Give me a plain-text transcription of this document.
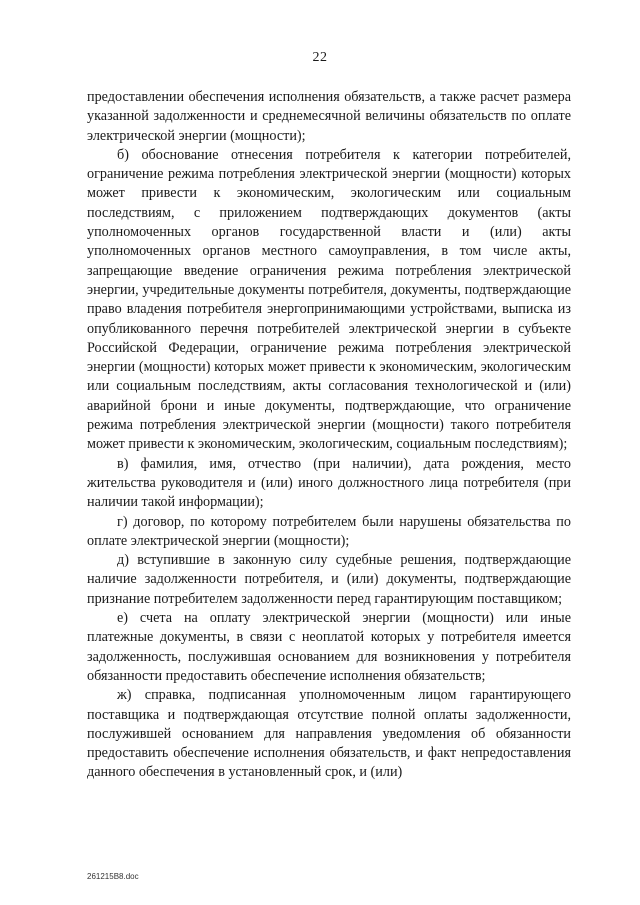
22

предоставлении обеспечения исполнения обязательств, а также расчет размера указанной задолженности и среднемесячной величины обязательств по оплате электрической энергии (мощности);

б) обоснование отнесения потребителя к категории потребителей, ограничение режима потребления электрической энергии (мощности) которых может привести к экономическим, экологическим или социальным последствиям, с приложением подтверждающих документов (акты уполномоченных органов государственной власти и (или) акты уполномоченных органов местного самоуправления, в том числе акты, запрещающие введение ограничения режима потребления электрической энергии, учредительные документы потребителя, документы, подтверждающие право владения потребителя энергопринимающими устройствами, выписка из опубликованного перечня потребителей электрической энергии в субъекте Российской Федерации, ограничение режима потребления электрической энергии (мощности) которых может привести к экономическим, экологическим или социальным последствиям, акты согласования технологической и (или) аварийной брони и иные документы, подтверждающие, что ограничение режима потребления электрической энергии (мощности) такого потребителя может привести к экономическим, экологическим, социальным последствиям);

в) фамилия, имя, отчество (при наличии), дата рождения, место жительства руководителя и (или) иного должностного лица потребителя (при наличии такой информации);

г) договор, по которому потребителем были нарушены обязательства по оплате электрической энергии (мощности);

д) вступившие в законную силу судебные решения, подтверждающие наличие задолженности потребителя, и (или) документы, подтверждающие признание потребителем задолженности перед гарантирующим поставщиком;

е) счета на оплату электрической энергии (мощности) или иные платежные документы, в связи с неоплатой которых у потребителя имеется задолженность, послужившая основанием для возникновения у потребителя обязанности предоставить обеспечение исполнения обязательств;

ж) справка, подписанная уполномоченным лицом гарантирующего поставщика и подтверждающая отсутствие полной оплаты задолженности, послужившей основанием для направления уведомления об обязанности предоставить обеспечение исполнения обязательств, и факт непредоставления данного обеспечения в установленный срок, и (или)

261215B8.doc
